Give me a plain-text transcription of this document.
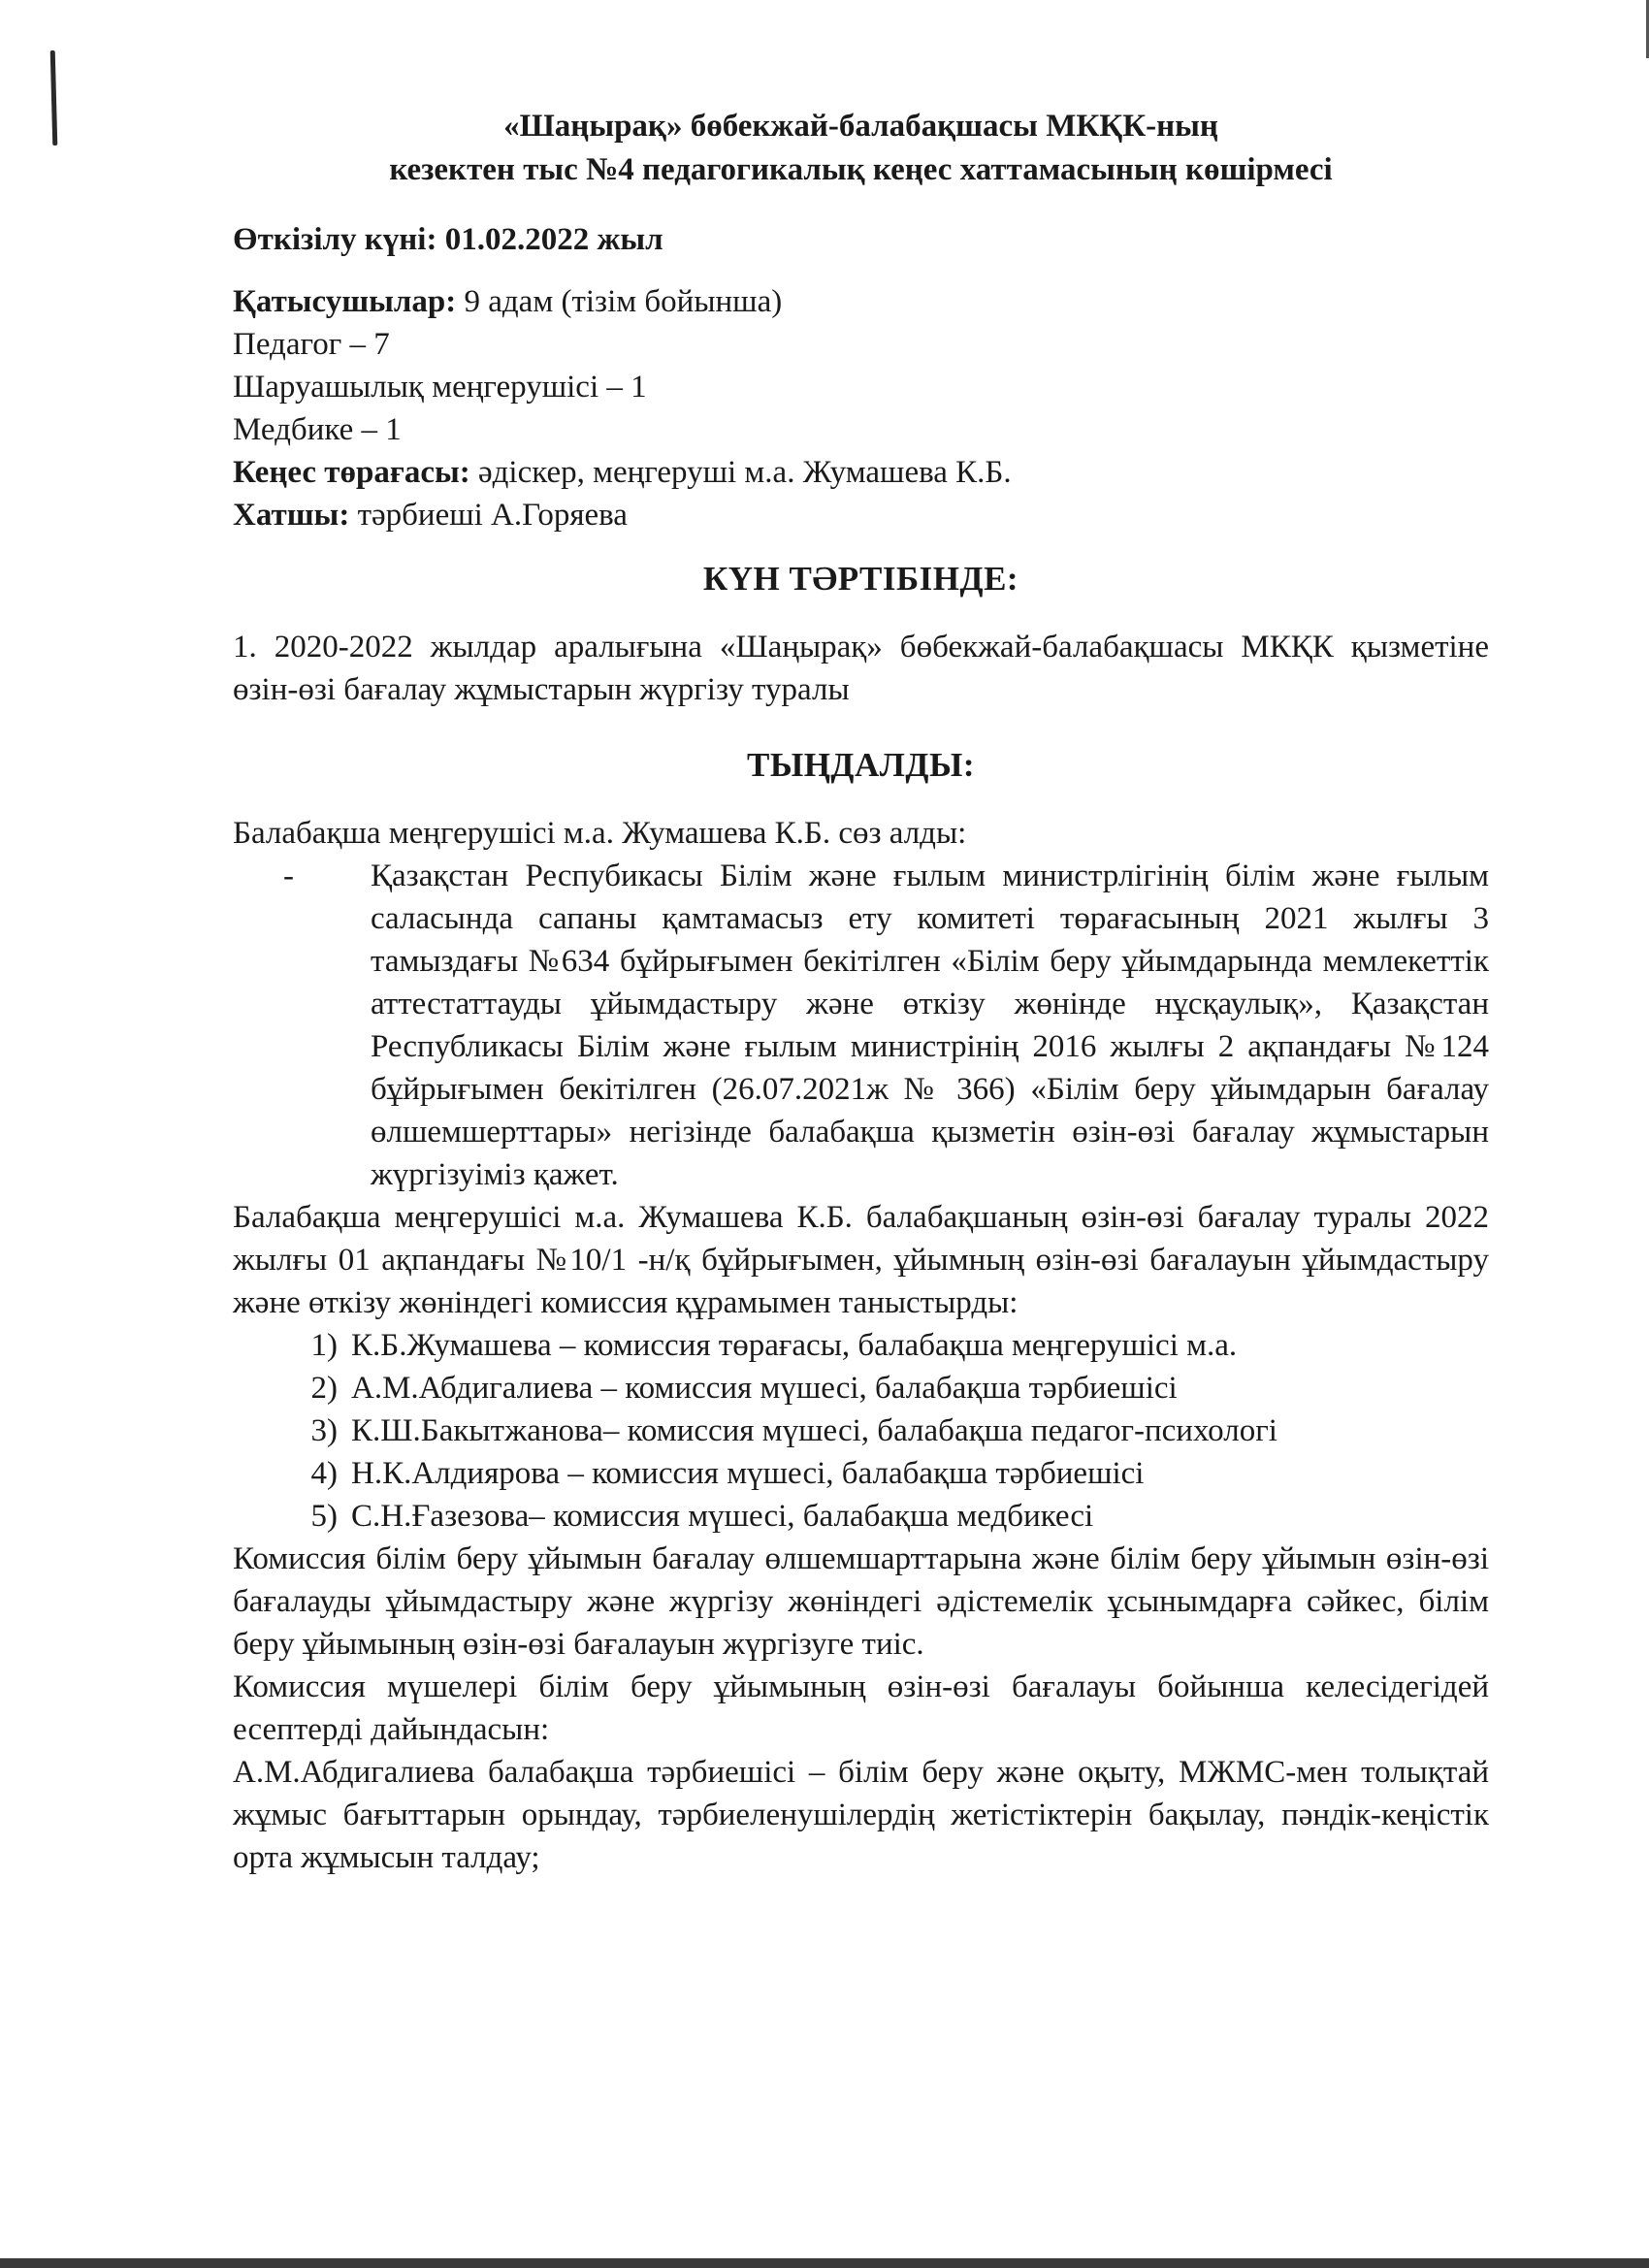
«Шаңырақ» бөбекжай-балабақшасы МКҚК-ның
кезектен тыс №4 педагогикалық кеңес хаттамасының көшірмесі

Өткізілу күні: 01.02.2022 жыл

Қатысушылар: 9 адам (тізім бойынша)

Педагог – 7

Шаруашылық меңгерушісі – 1

Медбике – 1

Кеңес төрағасы: әдіскер, меңгеруші м.а. Жумашева К.Б.

Хатшы: тәрбиеші А.Горяева

КҮН ТӘРТІБІНДЕ:

1. 2020-2022 жылдар аралығына «Шаңырақ» бөбекжай-балабақшасы МКҚК қызметіне өзін-өзі бағалау жұмыстарын жүргізу туралы

ТЫҢДАЛДЫ:

Балабақша меңгерушісі м.а. Жумашева К.Б. сөз алды:

-	Қазақстан Респубикасы Білім және ғылым министрлігінің білім және ғылым саласында сапаны қамтамасыз ету комитеті төрағасының 2021 жылғы 3 тамыздағы №634 бұйрығымен бекітілген «Білім беру ұйымдарында мемлекеттік аттестаттауды ұйымдастыру және өткізу жөнінде нұсқаулық», Қазақстан Республикасы Білім және ғылым министрінің 2016 жылғы 2 ақпандағы №124 бұйрығымен бекітілген (26.07.2021ж № 366) «Білім беру ұйымдарын бағалау өлшемшерттары» негізінде балабақша қызметін өзін-өзі бағалау жұмыстарын жүргізуіміз қажет.

Балабақша меңгерушісі м.а. Жумашева К.Б. балабақшаның өзін-өзі бағалау туралы 2022 жылғы 01 ақпандағы №10/1 -н/қ бұйрығымен, ұйымның өзін-өзі бағалауын ұйымдастыру және өткізу жөніндегі комиссия құрамымен таныстырды:

1) К.Б.Жумашева – комиссия төрағасы, балабақша меңгерушісі м.а.
2) А.М.Абдигалиева – комиссия мүшесі, балабақша тәрбиешісі
3) К.Ш.Бакытжанова– комиссия мүшесі, балабақша педагог-психологі
4) Н.К.Алдиярова – комиссия мүшесі, балабақша тәрбиешісі
5) С.Н.Ғазезова– комиссия мүшесі, балабақша медбикесі

Комиссия білім беру ұйымын бағалау өлшемшарттарына және білім беру ұйымын өзін-өзі бағалауды ұйымдастыру және жүргізу жөніндегі әдістемелік ұсынымдарға сәйкес, білім беру ұйымының өзін-өзі бағалауын жүргізуге тиіс.

Комиссия мүшелері білім беру ұйымының өзін-өзі бағалауы бойынша келесідегідей есептерді дайындасын:

А.М.Абдигалиева балабақша тәрбиешісі – білім беру және оқыту, МЖМС-мен толықтай жұмыс бағыттарын орындау, тәрбиеленушілердің жетістіктерін бақылау, пәндік-кеңістік орта жұмысын талдау;
